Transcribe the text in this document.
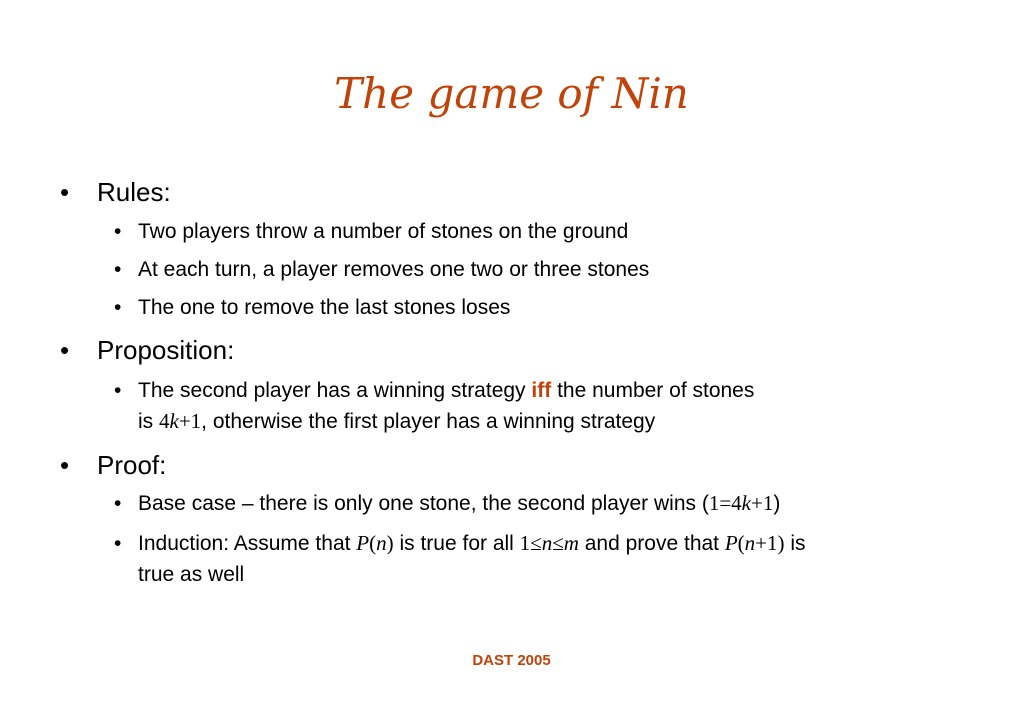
The game of Nin
• Rules:
• Two players throw a number of stones on the ground
• At each turn, a player removes one two or three stones
• The one to remove the last stones loses
• Proposition:
• The second player has a winning strategy iff the number of stones
is 4k+1, otherwise the first player has a winning strategy
• Proof:
• Base case – there is only one stone, the second player wins (1=4k+1)
• Induction: Assume that P(n) is true for all 1≤n≤m and prove that P(n+1) is
true as well
DAST 2005
